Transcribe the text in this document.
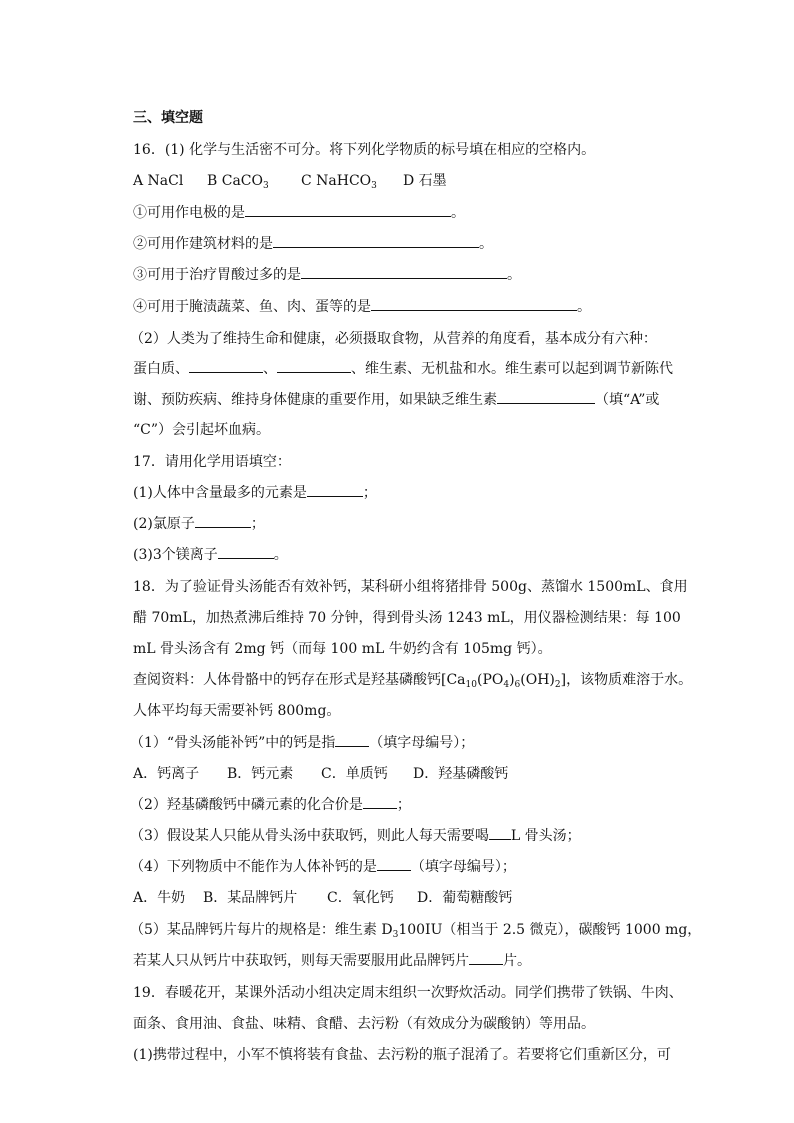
三、填空题
16．(1) 化学与生活密不可分。将下列化学物质的标号填在相应的空格内。
A NaCl B CaCO$_3$ C NaHCO$_3$ D 石墨
①可用作电极的是	。
②可用作建筑材料的是	。
③可用于治疗胃酸过多的是	。
④可用于腌渍蔬菜、鱼、肉、蛋等的是	。
（2）人类为了维持生命和健康，必须摄取食物，从营养的角度看，基本成分有六种：
蛋白质、	、	、维生素、无机盐和水。维生素可以起到调节新陈代
谢、预防疾病、维持身体健康的重要作用，如果缺乏维生素	（填“A”或
“C”）会引起坏血病。
17．请用化学用语填空：
(1)人体中含量最多的元素是	；
(2)氯原子	；
(3)3个镁离子	。
18．为了验证骨头汤能否有效补钙，某科研小组将猪排骨 500g、蒸馏水 1500mL、食用
醋 70mL，加热煮沸后维持 70 分钟，得到骨头汤 1243 mL，用仪器检测结果：每 100
mL 骨头汤含有 2mg 钙（而每 100 mL 牛奶约含有 105mg 钙）。
查阅资料：人体骨骼中的钙存在形式是羟基磷酸钙$[Ca_{10}(PO_4)_6(OH)_2]$，该物质难溶于水。
人体平均每天需要补钙 800mg。
（1）“骨头汤能补钙”中的钙是指 （填字母编号）；
A．钙离子 B．钙元素 C．单质钙 D．羟基磷酸钙
（2）羟基磷酸钙中磷元素的化合价是 ；
（3）假设某人只能从骨头汤中获取钙，则此人每天需要喝 L 骨头汤；
（4）下列物质中不能作为人体补钙的是 （填字母编号）；
A．牛奶 B．某品牌钙片 C．氧化钙 D．葡萄糖酸钙
（5）某品牌钙片每片的规格是：维生素 $D_3100IU$（相当于 2.5 微克），碳酸钙 1000 mg，
若某人只从钙片中获取钙，则每天需要服用此品牌钙片 片。
19．春暖花开，某课外活动小组决定周末组织一次野炊活动。同学们携带了铁锅、牛肉、
面条、食用油、食盐、味精、食醋、去污粉（有效成分为碳酸钠）等用品。
(1)携带过程中，小军不慎将装有食盐、去污粉的瓶子混淆了。若要将它们重新区分，可
